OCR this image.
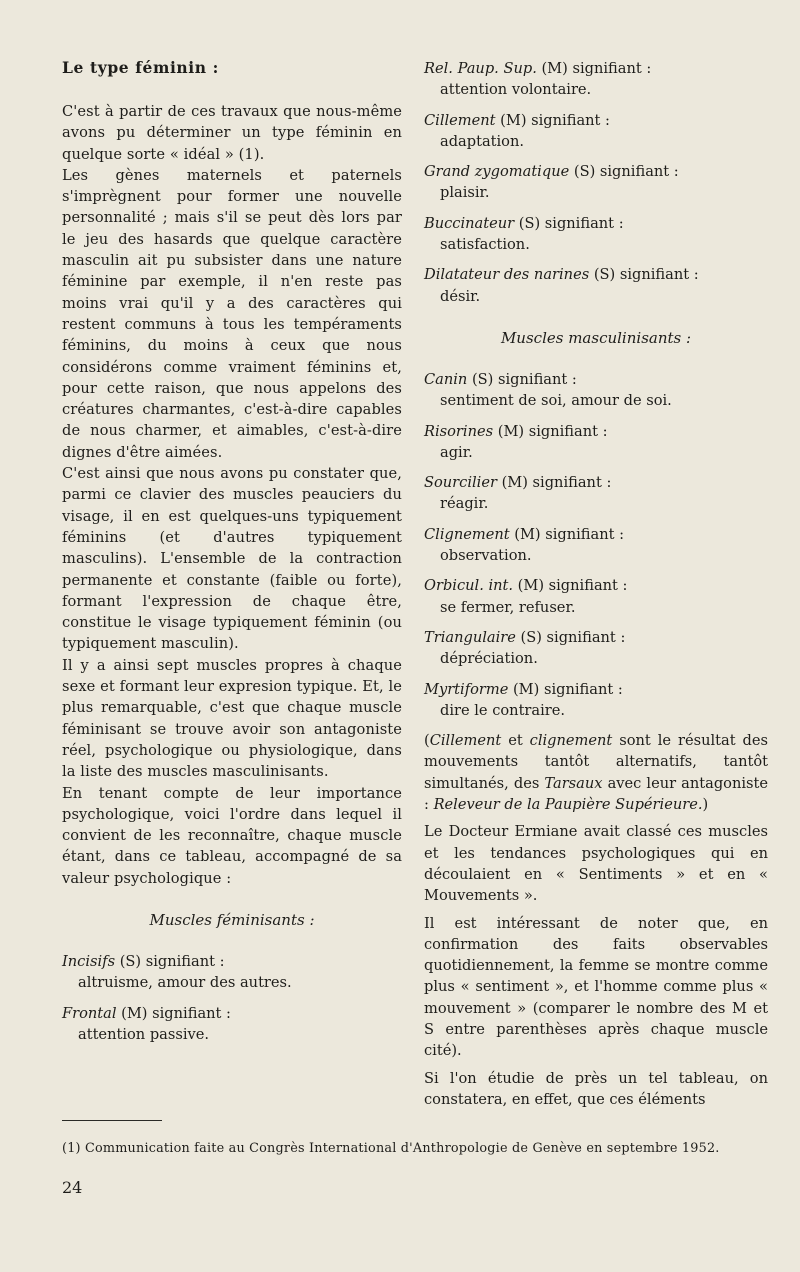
Le type féminin :

C'est à partir de ces travaux que nous-même avons pu déterminer un type féminin en quelque sorte « idéal » (1).

Les gènes maternels et paternels s'imprègnent pour former une nouvelle personnalité ; mais s'il se peut dès lors par le jeu des hasards que quelque caractère masculin ait pu subsister dans une nature féminine par exemple, il n'en reste pas moins vrai qu'il y a des caractères qui restent communs à tous les tempéraments féminins, du moins à ceux que nous considérons comme vraiment féminins et, pour cette raison, que nous appelons des créatures charmantes, c'est-à-dire capables de nous charmer, et aimables, c'est-à-dire dignes d'être aimées.

C'est ainsi que nous avons pu constater que, parmi ce clavier des muscles peauciers du visage, il en est quelques-uns typiquement féminins (et d'autres typiquement masculins). L'ensemble de la contraction permanente et constante (faible ou forte), formant l'expression de chaque être, constitue le visage typiquement féminin (ou typiquement masculin).

Il y a ainsi sept muscles propres à chaque sexe et formant leur expresion typique. Et, le plus remarquable, c'est que chaque muscle féminisant se trouve avoir son antagoniste réel, psychologique ou physiologique, dans la liste des muscles masculinisants.

En tenant compte de leur importance psychologique, voici l'ordre dans lequel il convient de les reconnaître, chaque muscle étant, dans ce tableau, accompagné de sa valeur psychologique :

Muscles féminisants :
Incisifs (S) signifiant :
altruisme, amour des autres.
Frontal (M) signifiant :
attention passive.
Rel. Paup. Sup. (M) signifiant :
attention volontaire.
Cillement (M) signifiant :
adaptation.
Grand zygomatique (S) signifiant :
plaisir.
Buccinateur (S) signifiant :
satisfaction.
Dilatateur des narines (S) signifiant :
désir.
Muscles masculinisants :
Canin (S) signifiant :
sentiment de soi, amour de soi.
Risorines (M) signifiant :
agir.
Sourcilier (M) signifiant :
réagir.
Clignement (M) signifiant :
observation.
Orbicul. int. (M) signifiant :
se fermer, refuser.
Triangulaire (S) signifiant :
dépréciation.
Myrtiforme (M) signifiant :
dire le contraire.

(Cillement et clignement sont le résultat des mouvements tantôt alternatifs, tantôt simultanés, des Tarsaux avec leur antagoniste : Releveur de la Paupière Supérieure.)

Le Docteur Ermiane avait classé ces muscles et les tendances psychologiques qui en découlaient en « Sentiments » et en « Mouvements ».

Il est intéressant de noter que, en confirmation des faits observables quotidiennement, la femme se montre comme plus « sentiment », et l'homme comme plus « mouvement » (comparer le nombre des M et S entre parenthèses après chaque muscle cité).

Si l'on étudie de près un tel tableau, on constatera, en effet, que ces éléments

(1) Communication faite au Congrès International d'Anthropologie de Genève en septembre 1952.
24
